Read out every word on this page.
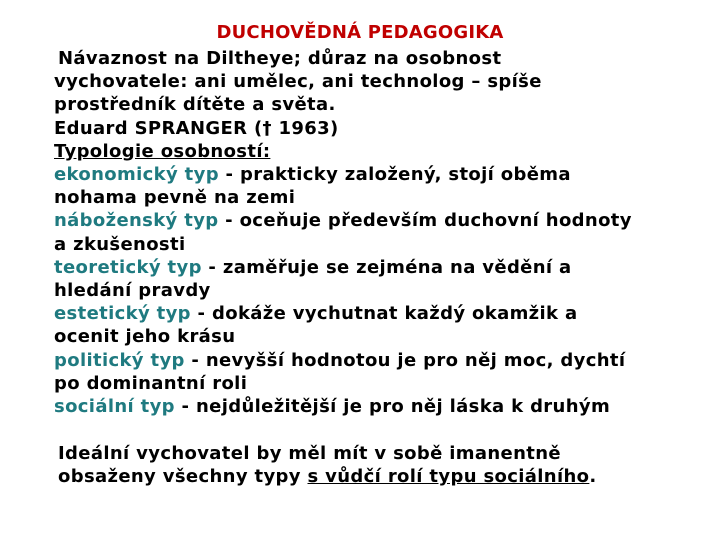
DUCHOVĚDNÁ PEDAGOGIKA
Návaznost na Diltheye; důraz na osobnost
vychovatele: ani umělec, ani technolog – spíše
prostředník dítěte a světa.
Eduard SPRANGER († 1963)
Typologie osobností:
ekonomický typ - prakticky založený, stojí oběma
nohama pevně na zemi
náboženský typ - oceňuje především duchovní hodnoty
a zkušenosti
teoretický typ - zaměřuje se zejména na vědění a
hledání pravdy
estetický typ - dokáže vychutnat každý okamžik a
ocenit jeho krásu
politický typ - nevyšší hodnotou je pro něj moc, dychtí
po dominantní roli
sociální typ - nejdůležitější je pro něj láska k druhým
Ideální vychovatel by měl mít v sobě imanentně
obsaženy všechny typy s vůdčí rolí typu sociálního.
